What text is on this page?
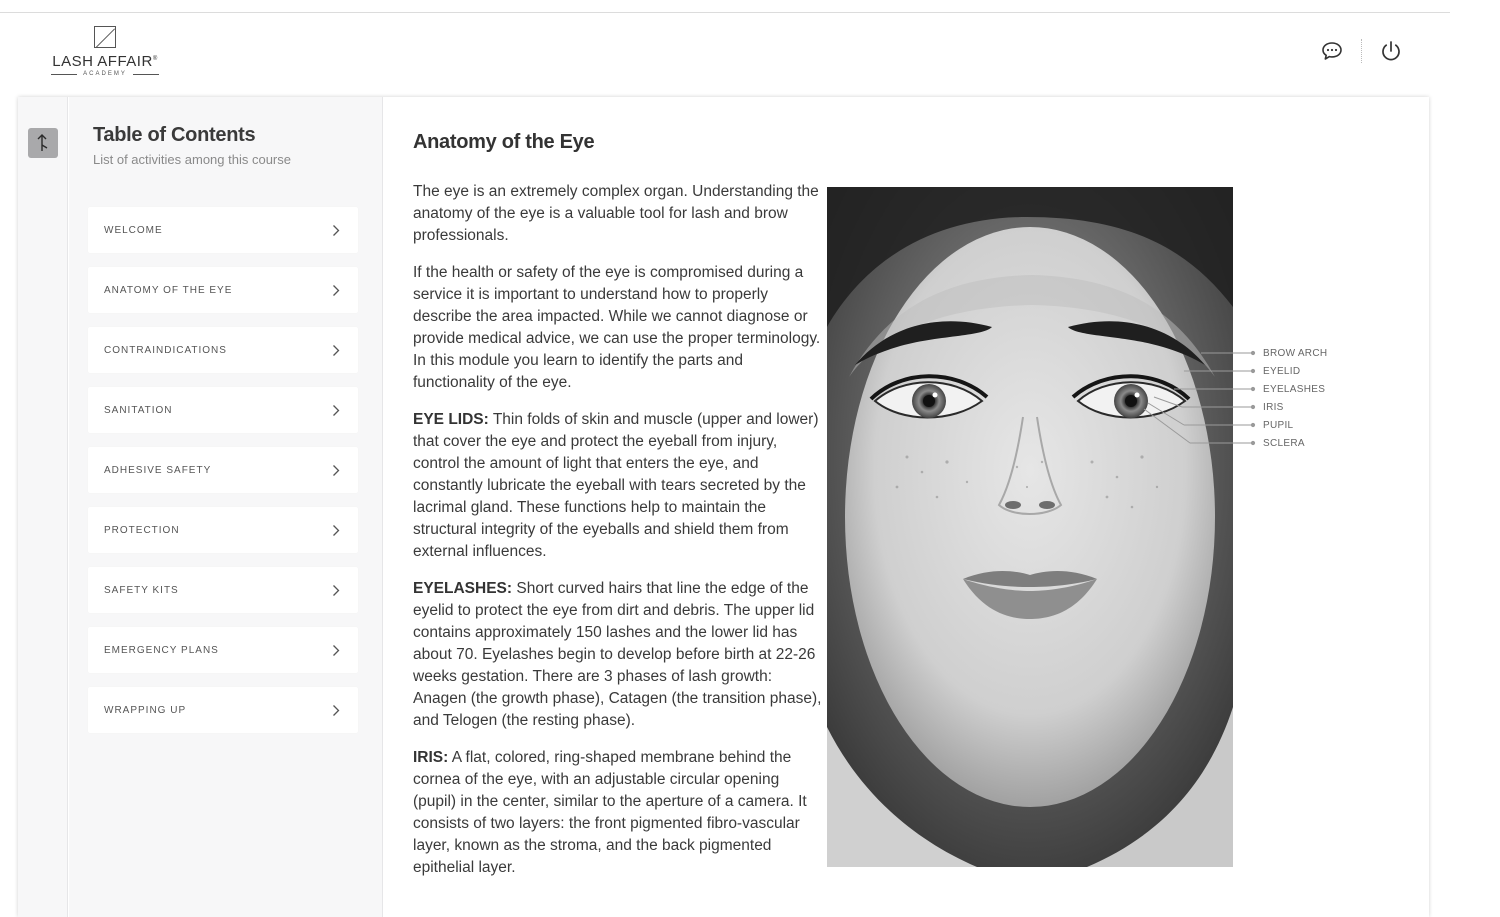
LASH AFFAIR®
ACADEMY
Table of Contents
List of activities among this course
WELCOME
ANATOMY OF THE EYE
CONTRAINDICATIONS
SANITATION
ADHESIVE SAFETY
PROTECTION
SAFETY KITS
EMERGENCY PLANS
WRAPPING UP
Anatomy of the Eye

The eye is an extremely complex organ. Understanding the anatomy of the eye is a valuable tool for lash and brow professionals.

If the health or safety of the eye is compromised during a service it is important to understand how to properly describe the area impacted. While we cannot diagnose or provide medical advice, we can use the proper terminology. In this module you learn to identify the parts and functionality of the eye.

EYE LIDS: Thin folds of skin and muscle (upper and lower) that cover the eye and protect the eyeball from injury, control the amount of light that enters the eye, and constantly lubricate the eyeball with tears secreted by the lacrimal gland. These functions help to maintain the structural integrity of the eyeballs and shield them from external influences.

EYELASHES: Short curved hairs that line the edge of the eyelid to protect the eye from dirt and debris. The upper lid contains approximately 150 lashes and the lower lid has about 70. Eyelashes begin to develop before birth at 22-26 weeks gestation. There are 3 phases of lash growth: Anagen (the growth phase), Catagen (the transition phase), and Telogen (the resting phase).

IRIS: A flat, colored, ring-shaped membrane behind the cornea of the eye, with an adjustable circular opening (pupil) in the center, similar to the aperture of a camera. It consists of two layers: the front pigmented fibro-vascular layer, known as the stroma, and the back pigmented epithelial layer.

BROW ARCH
EYELID
EYELASHES
IRIS
PUPIL
SCLERA
